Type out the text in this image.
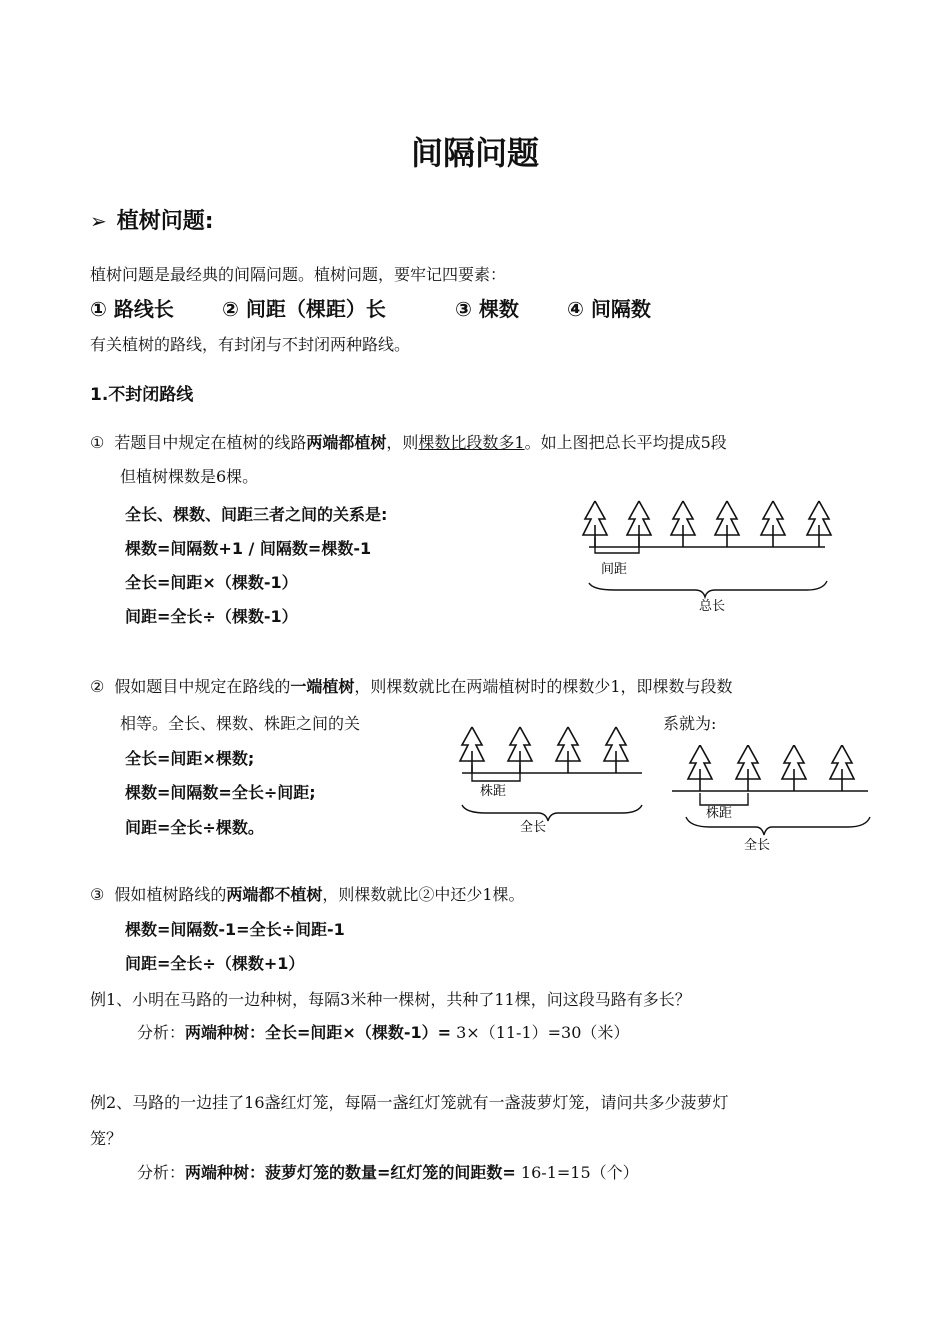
间隔问题
➢ 植树问题:
植树问题是最经典的间隔问题。植树问题，要牢记四要素：
① 路线长 ② 间距（棵距）长	③ 棵数 ④ 间隔数
有关植树的路线，有封闭与不封闭两种路线。
1.不封闭路线
① 若题目中规定在植树的线路两端都植树，则棵数比段数多1。如上图把总长平均提成5段
但植树棵数是6棵。
全长、棵数、间距三者之间的关系是:
棵数=间隔数+1 / 间隔数=棵数-1
全长=间距×（棵数-1）
间距=全长÷（棵数-1）
间距
总长
② 假如题目中规定在路线的一端植树，则棵数就比在两端植树时的棵数少1，即棵数与段数
相等。全长、棵数、株距之间的关	系就为:
全长=间距×棵数;
棵数=间隔数=全长÷间距;
间距=全长÷棵数。
株距
全长
株距
全长
③ 假如植树路线的两端都不植树，则棵数就比②中还少1棵。
棵数=间隔数-1=全长÷间距-1
间距=全长÷（棵数+1）
例1、小明在马路的一边种树，每隔3米种一棵树，共种了11棵，问这段马路有多长？
分析：两端种树：全长=间距×（棵数-1）= 3×（11-1）=30（米）
例2、马路的一边挂了16盏红灯笼，每隔一盏红灯笼就有一盏菠萝灯笼，请问共多少菠萝灯
笼？
分析：两端种树：菠萝灯笼的数量=红灯笼的间距数= 16-1=15（个）
